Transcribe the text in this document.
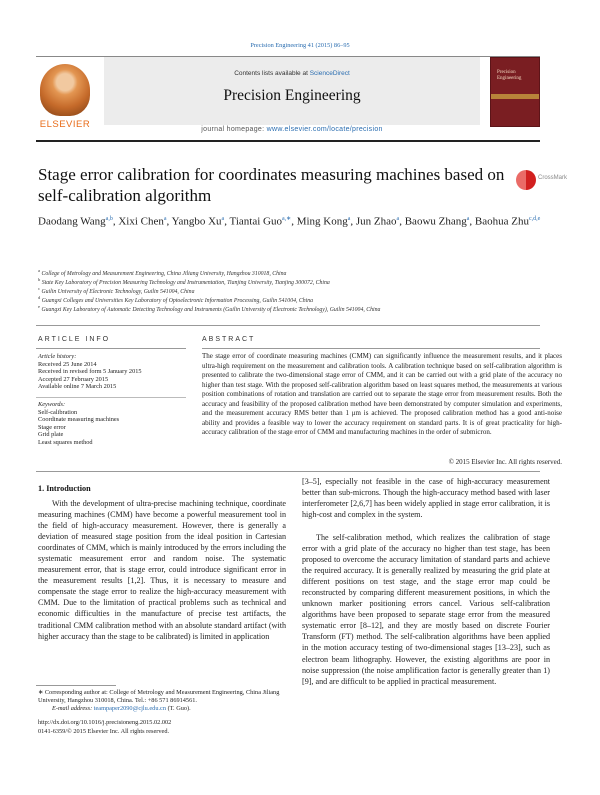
Precision Engineering 41 (2015) 86–95
ELSEVIER
Contents lists available at ScienceDirect
Precision Engineering
journal homepage: www.elsevier.com/locate/precision
Precision Engineering
Stage error calibration for coordinates measuring machines based on self-calibration algorithm
CrossMark
Daodang Wang$^{a,b}$, Xixi Chen$^a$, Yangbo Xu$^a$, Tiantai Guo$^{a,∗}$, Ming Kong$^a$, Jun Zhao$^a$, Baowu Zhang$^a$, Baohua Zhu$^{c,d,e}$
$^a$ College of Metrology and Measurement Engineering, China Jiliang University, Hangzhou 310018, China
$^b$ State Key Laboratory of Precision Measuring Technology and Instrumentation, Tianjing University, Tianjing 300072, China
$^c$ Guilin University of Electronic Technology, Guilin 541004, China
$^d$ Guangxi Colleges and Universities Key Laboratory of Optoelectronic Information Processing, Guilin 541004, China
$^e$ Guangxi Key Laboratory of Automatic Detecting Technology and Instruments (Guilin University of Electronic Technology), Guilin 541004, China
ARTICLE INFO
Article history:
Received 25 June 2014
Received in revised form 5 January 2015
Accepted 27 February 2015
Available online 7 March 2015
Keywords:
Self-calibration
Coordinate measuring machines
Stage error
Grid plate
Least squares method
ABSTRACT
The stage error of coordinate measuring machines (CMM) can significantly influence the measurement results, and it places ultra-high requirement on the measurement and calibration tools. A calibration technique based on self-calibration algorithm is presented to calibrate the two-dimensional stage error of CMM, and it can be carried out with a grid plate of the accuracy no higher than test stage. With the proposed self-calibration algorithm based on least squares method, the measurements at various position combinations of rotation and translation are carried out to separate the stage error from measurement results. Both the accuracy and feasibility of the proposed calibration method have been demonstrated by computer simulation and experiments, and the measurement accuracy RMS better than 1 μm is achieved. The proposed calibration method has a good anti-noise ability and provides a feasible way to lower the accuracy requirement on standard parts. It is of great practicality for high-accuracy calibration of the stage error of CMM and manufacturing machines in the order of submicron.
© 2015 Elsevier Inc. All rights reserved.
1. Introduction
With the development of ultra-precise machining technique, coordinate measuring machines (CMM) have become a powerful measurement tool in the field of high-accuracy measurement. However, there is generally a deviation of measured stage position from the ideal position in Cartesian coordinates of CMM, which is mainly introduced by the errors including the systematic measurement error and random noise. The systematic measurement error, that is stage error, could introduce significant error in the measurement results [1,2]. Thus, it is necessary to measure and compensate the stage error to realize the high-accuracy measurement with CMM. Due to the limitation of practical problems such as technical and economic difficulties in the manufacture of precise test artifacts, the traditional CMM calibration method with an absolute standard artifact (with higher accuracy than the stage to be calibrated) is limited in application
[3–5], especially not feasible in the case of high-accuracy measurement better than sub-microns. Though the high-accuracy method based with laser interferometer [2,6,7] has been widely applied in stage error calibration, it is high-cost and complex in the system.
The self-calibration method, which realizes the calibration of stage error with a grid plate of the accuracy no higher than test stage, has been proposed to overcome the accuracy limitation of standard parts and achieve the required accuracy. It is generally realized by measuring the grid plate at different positions on test stage, and the stage error map could be reconstructed by comparing different measurement positions, in which the unknown marker positioning errors cancel. Various self-calibration algorithms have been proposed to separate stage error from the measured systematic error [8–12], and they are mostly based on discrete Fourier Transform (FT) method. The self-calibration algorithms have been applied in the motion accuracy testing of two-dimensional stages [13–23], such as electron beam lithography. However, the existing algorithms are poor in noise suppression (the noise amplification factor is generally greater than 1) [9], and are difficult to be applied in practical measurement.
∗ Corresponding author at: College of Metrology and Measurement Engineering, China Jiliang University, Hangzhou 310018, China. Tel.: +86 571 86914561.
E-mail address: teampaper2090@cjlu.edu.cn (T. Guo).
http://dx.doi.org/10.1016/j.precisioneng.2015.02.002
0141-6359/© 2015 Elsevier Inc. All rights reserved.
